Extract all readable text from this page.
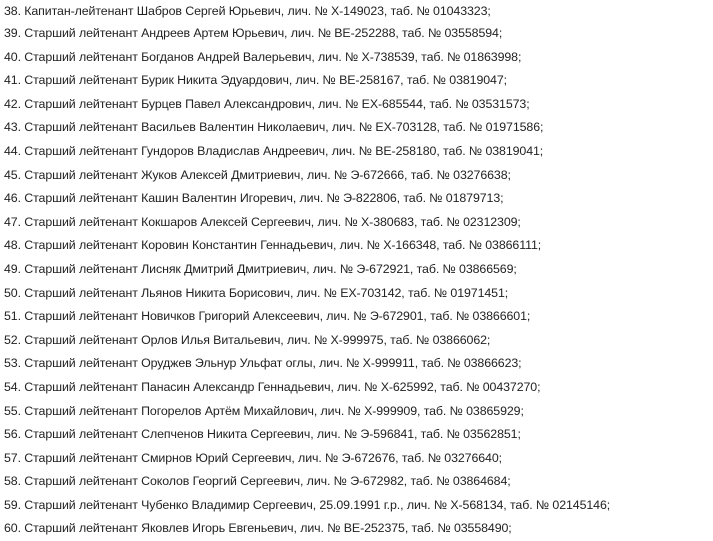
38. Капитан-лейтенант Шабров Сергей Юрьевич, лич. № Х-149023, таб. № 01043323;
39. Старший лейтенант Андреев Артем Юрьевич, лич. № ВЕ-252288, таб. № 03558594;
40. Старший лейтенант Богданов Андрей Валерьевич, лич. № Х-738539, таб. № 01863998;
41. Старший лейтенант Бурик Никита Эдуардович, лич. № ВЕ-258167, таб. № 03819047;
42. Старший лейтенант Бурцев Павел Александрович, лич. № ЕХ-685544, таб. № 03531573;
43. Старший лейтенант Васильев Валентин Николаевич, лич. № ЕХ-703128, таб. № 01971586;
44. Старший лейтенант Гундоров Владислав Андреевич, лич. № ВЕ-258180, таб. № 03819041;
45. Старший лейтенант Жуков Алексей Дмитриевич, лич. № Э-672666, таб. № 03276638;
46. Старший лейтенант Кашин Валентин Игоревич, лич. № Э-822806, таб. № 01879713;
47. Старший лейтенант Кокшаров Алексей Сергеевич, лич. № Х-380683, таб. № 02312309;
48. Старший лейтенант Коровин Константин Геннадьевич, лич. № Х-166348, таб. № 03866111;
49. Старший лейтенант Лисняк Дмитрий Дмитриевич, лич. № Э-672921, таб. № 03866569;
50. Старший лейтенант Льянов Никита Борисович, лич. № ЕХ-703142, таб. № 01971451;
51. Старший лейтенант Новичков Григорий Алексеевич, лич. № Э-672901, таб. № 03866601;
52. Старший лейтенант Орлов Илья Витальевич, лич. № Х-999975, таб. № 03866062;
53. Старший лейтенант Оруджев Эльнур Ульфат оглы, лич. № Х-999911, таб. № 03866623;
54. Старший лейтенант Панасин Александр Геннадьевич, лич. № Х-625992, таб. № 00437270;
55. Старший лейтенант Погорелов Артём Михайлович, лич. № Х-999909, таб. № 03865929;
56. Старший лейтенант Слепченов Никита Сергеевич, лич. № Э-596841, таб. № 03562851;
57. Старший лейтенант Смирнов Юрий Сергеевич, лич. № Э-672676, таб. № 03276640;
58. Старший лейтенант Соколов Георгий Сергеевич, лич. № Э-672982, таб. № 03864684;
59. Старший лейтенант Чубенко Владимир Сергеевич, 25.09.1991 г.р., лич. № Х-568134, таб. № 02145146;
60. Старший лейтенант Яковлев Игорь Евгеньевич, лич. № ВЕ-252375, таб. № 03558490;
